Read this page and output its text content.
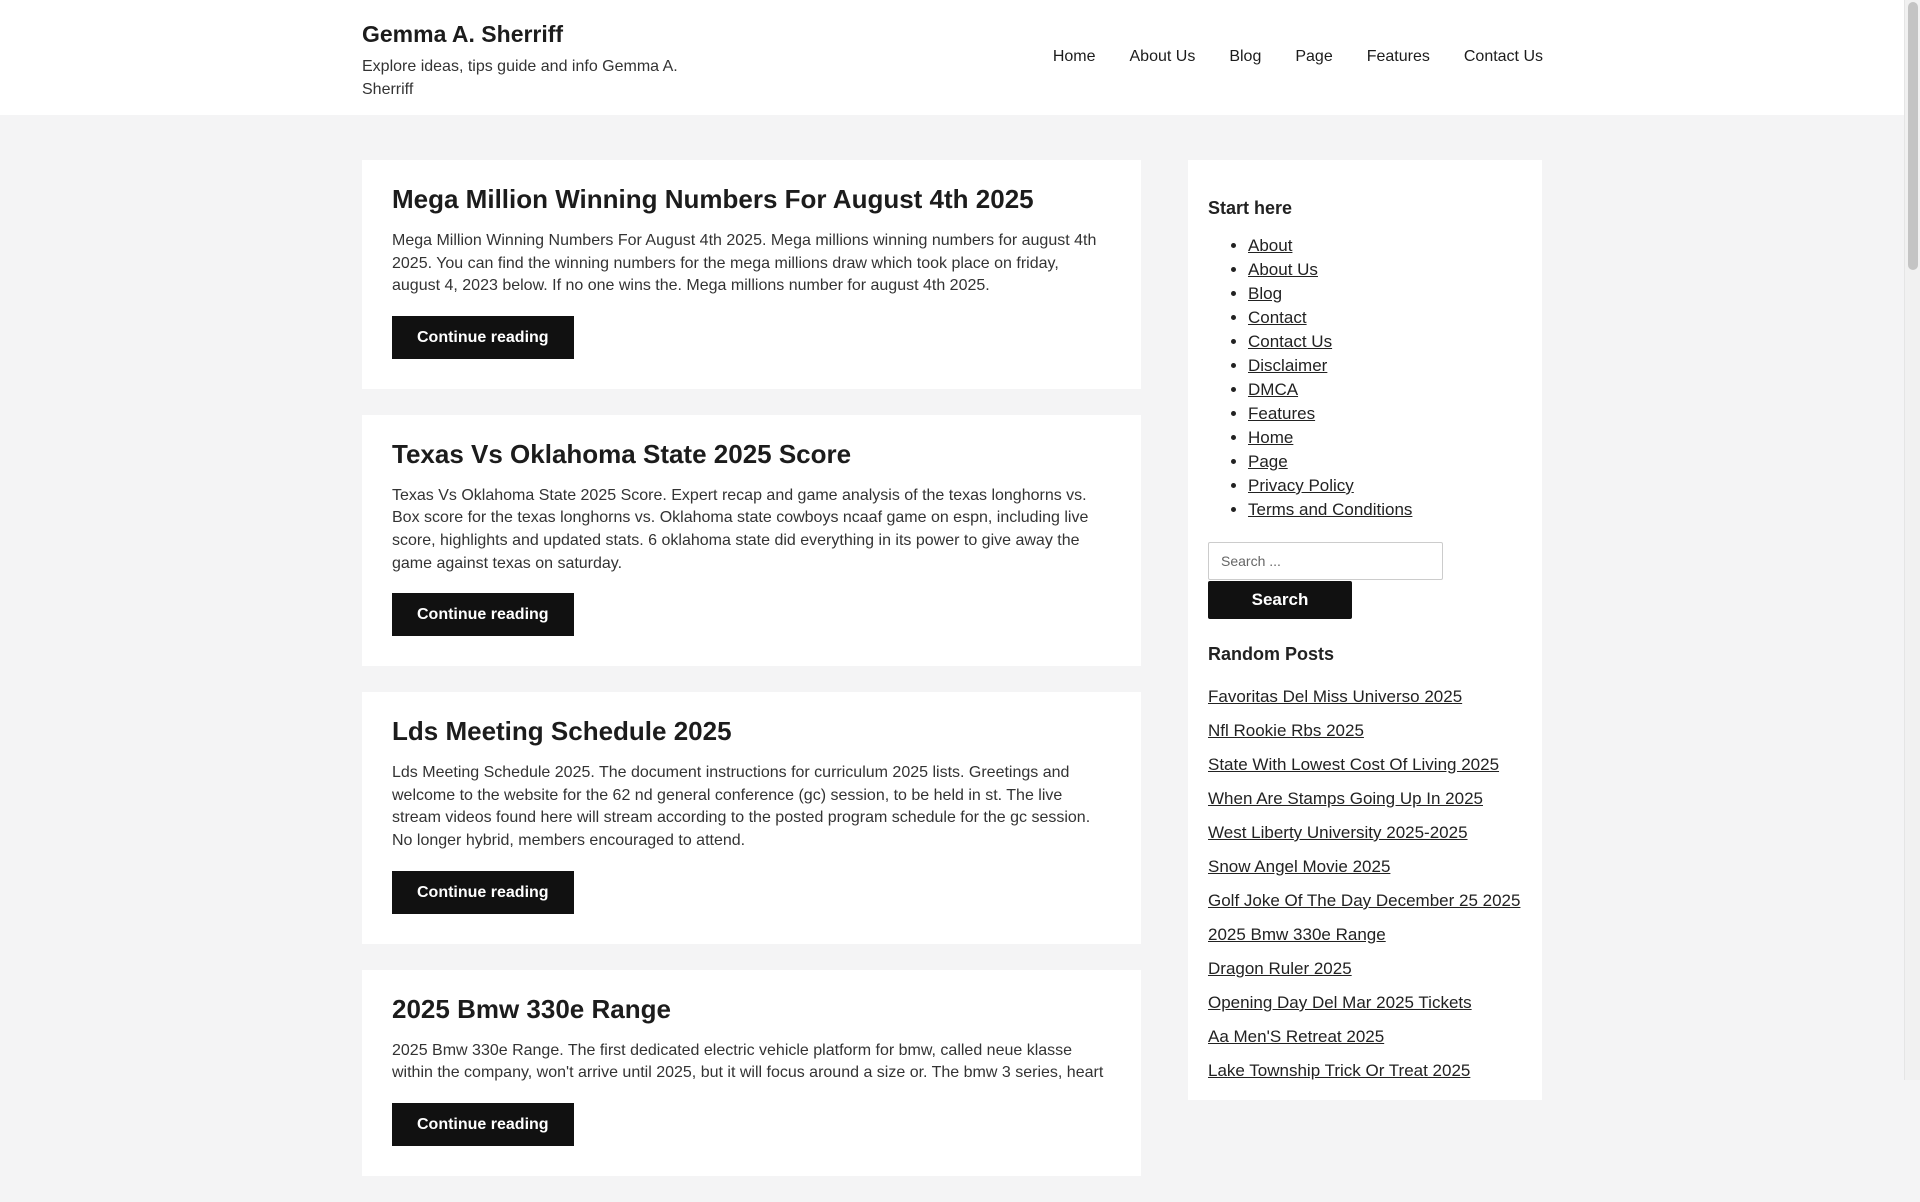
Gemma A. Sherriff
Explore ideas, tips guide and info Gemma A. Sherriff
Home	About Us	Blog	Page	Features	Contact Us
Mega Million Winning Numbers For August 4th 2025

Mega Million Winning Numbers For August 4th 2025. Mega millions winning numbers for august 4th 2025. You can find the winning numbers for the mega millions draw which took place on friday, august 4, 2023 below. If no one wins the. Mega millions number for august 4th 2025.

Continue reading
Texas Vs Oklahoma State 2025 Score

Texas Vs Oklahoma State 2025 Score. Expert recap and game analysis of the texas longhorns vs. Box score for the texas longhorns vs. Oklahoma state cowboys ncaaf game on espn, including live score, highlights and updated stats. 6 oklahoma state did everything in its power to give away the game against texas on saturday.

Continue reading
Lds Meeting Schedule 2025

Lds Meeting Schedule 2025. The document instructions for curriculum 2025 lists. Greetings and welcome to the website for the 62 nd general conference (gc) session, to be held in st. The live stream videos found here will stream according to the posted program schedule for the gc session. No longer hybrid, members encouraged to attend.

Continue reading
2025 Bmw 330e Range

2025 Bmw 330e Range. The first dedicated electric vehicle platform for bmw, called neue klasse within the company, won't arrive until 2025, but it will focus around a size or. The bmw 3 series, heart

Continue reading
Start here
• About
• About Us
• Blog
• Contact
• Contact Us
• Disclaimer
• DMCA
• Features
• Home
• Page
• Privacy Policy
• Terms and Conditions
Search ...
Search
Random Posts
Favoritas Del Miss Universo 2025
Nfl Rookie Rbs 2025
State With Lowest Cost Of Living 2025
When Are Stamps Going Up In 2025
West Liberty University 2025-2025
Snow Angel Movie 2025
Golf Joke Of The Day December 25 2025
2025 Bmw 330e Range
Dragon Ruler 2025
Opening Day Del Mar 2025 Tickets
Aa Men'S Retreat 2025
Lake Township Trick Or Treat 2025
